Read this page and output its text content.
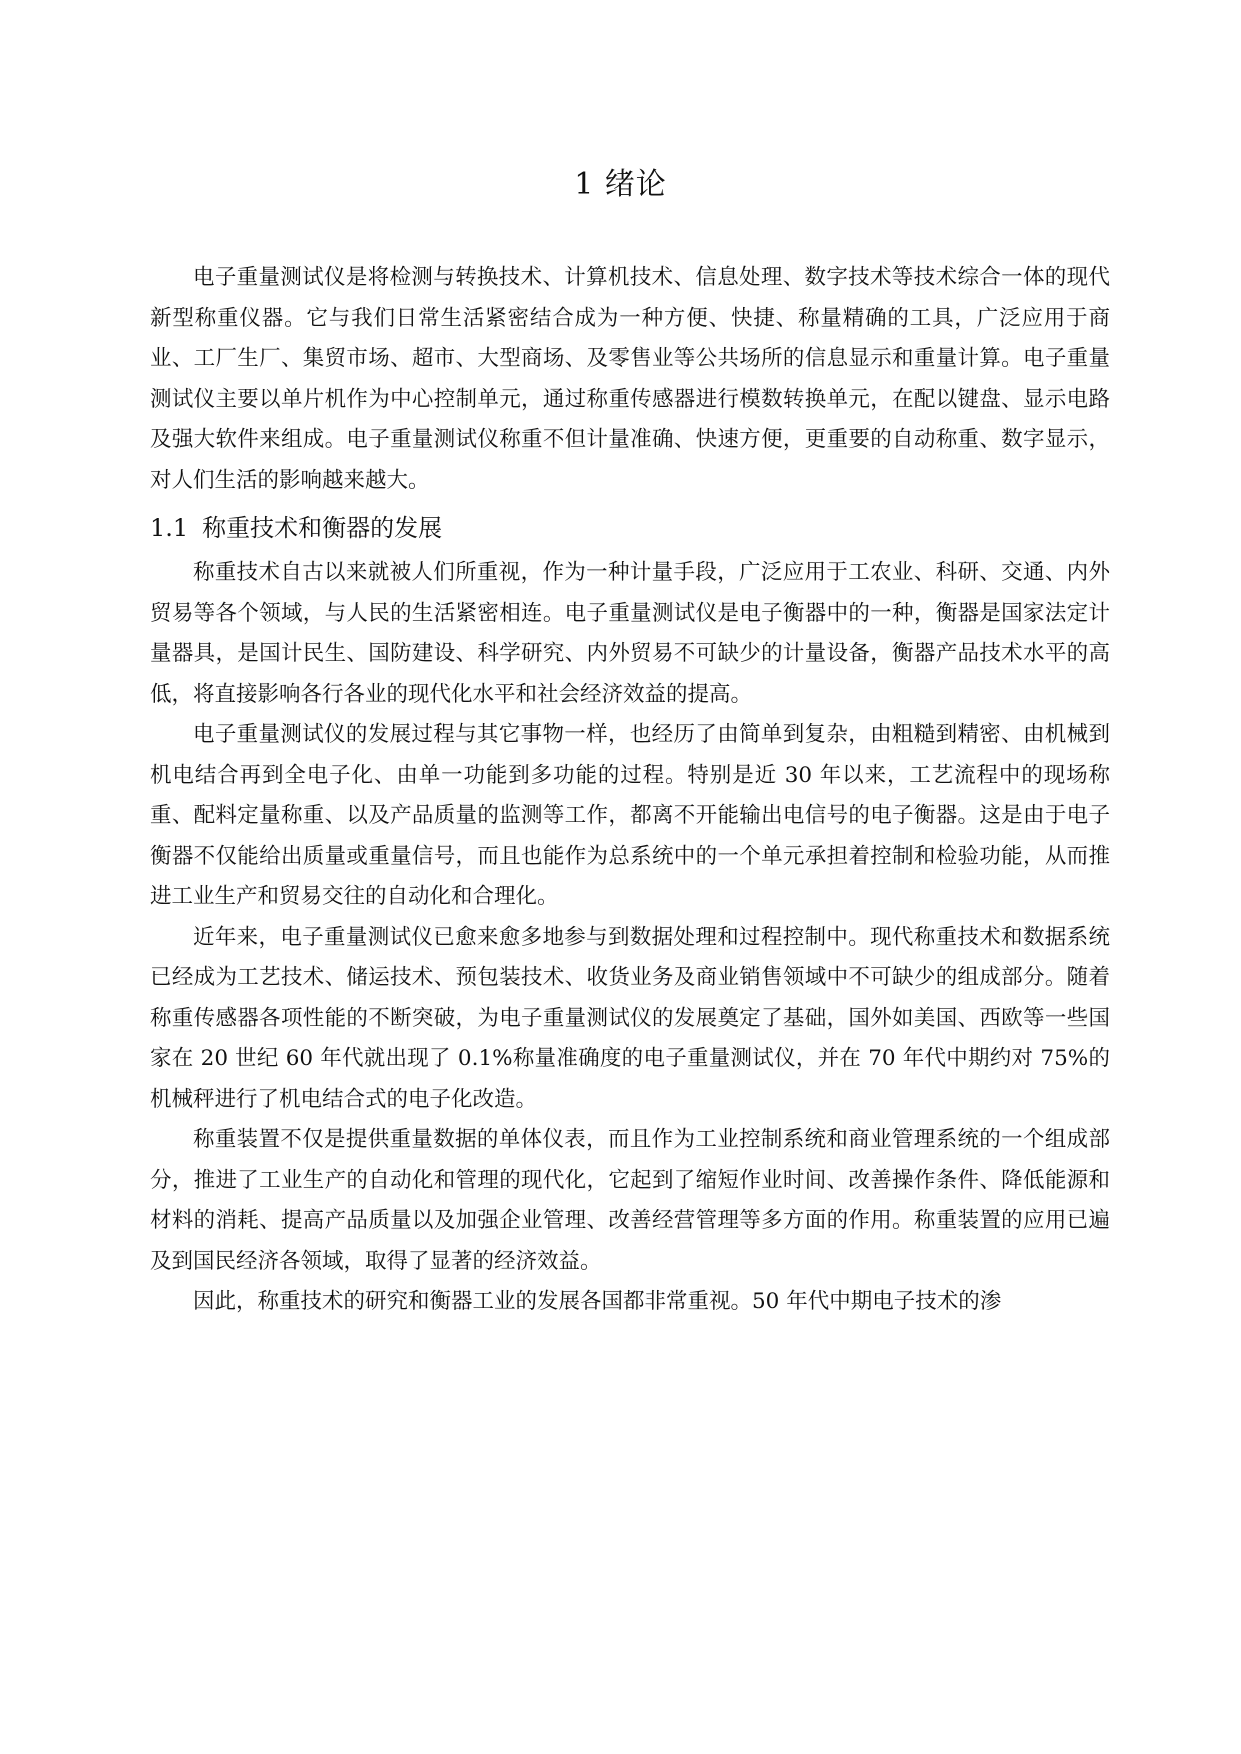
1 绪论

电子重量测试仪是将检测与转换技术、计算机技术、信息处理、数字技术等技术综合一体的现代新型称重仪器。它与我们日常生活紧密结合成为一种方便、快捷、称量精确的工具，广泛应用于商业、工厂生厂、集贸市场、超市、大型商场、及零售业等公共场所的信息显示和重量计算。电子重量测试仪主要以单片机作为中心控制单元，通过称重传感器进行模数转换单元，在配以键盘、显示电路及强大软件来组成。电子重量测试仪称重不但计量准确、快速方便，更重要的自动称重、数字显示，对人们生活的影响越来越大。

1.1 称重技术和衡器的发展

称重技术自古以来就被人们所重视，作为一种计量手段，广泛应用于工农业、科研、交通、内外贸易等各个领域，与人民的生活紧密相连。电子重量测试仪是电子衡器中的一种，衡器是国家法定计量器具，是国计民生、国防建设、科学研究、内外贸易不可缺少的计量设备，衡器产品技术水平的高低，将直接影响各行各业的现代化水平和社会经济效益的提高。

电子重量测试仪的发展过程与其它事物一样，也经历了由简单到复杂，由粗糙到精密、由机械到机电结合再到全电子化、由单一功能到多功能的过程。特别是近 30 年以来，工艺流程中的现场称重、配料定量称重、以及产品质量的监测等工作，都离不开能输出电信号的电子衡器。这是由于电子衡器不仅能给出质量或重量信号，而且也能作为总系统中的一个单元承担着控制和检验功能，从而推进工业生产和贸易交往的自动化和合理化。

近年来，电子重量测试仪已愈来愈多地参与到数据处理和过程控制中。现代称重技术和数据系统已经成为工艺技术、储运技术、预包装技术、收货业务及商业销售领域中不可缺少的组成部分。随着称重传感器各项性能的不断突破，为电子重量测试仪的发展奠定了基础，国外如美国、西欧等一些国家在 20 世纪 60 年代就出现了 0.1%称量准确度的电子重量测试仪，并在 70 年代中期约对 75%的机械秤进行了机电结合式的电子化改造。

称重装置不仅是提供重量数据的单体仪表，而且作为工业控制系统和商业管理系统的一个组成部分，推进了工业生产的自动化和管理的现代化，它起到了缩短作业时间、改善操作条件、降低能源和材料的消耗、提高产品质量以及加强企业管理、改善经营管理等多方面的作用。称重装置的应用已遍及到国民经济各领域，取得了显著的经济效益。

因此，称重技术的研究和衡器工业的发展各国都非常重视。50 年代中期电子技术的渗
